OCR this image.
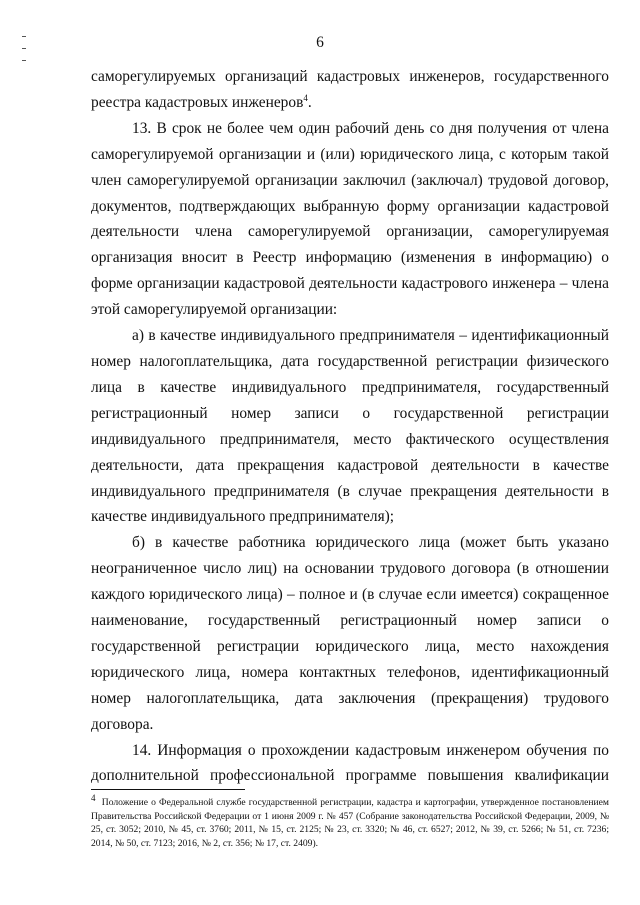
6

саморегулируемых организаций кадастровых инженеров, государственного

реестра кадастровых инженеров$^4$.

13. В срок не более чем один рабочий день со дня получения от члена саморегулируемой организации и (или) юридического лица, с которым такой член саморегулируемой организации заключил (заключал) трудовой договор, документов, подтверждающих выбранную форму организации кадастровой деятельности члена саморегулируемой организации, саморегулируемая организация вносит в Реестр информацию (изменения в информацию) о форме организации кадастровой деятельности кадастрового инженера – члена этой саморегулируемой организации:

а) в качестве индивидуального предпринимателя – идентификационный номер налогоплательщика, дата государственной регистрации физического лица в качестве индивидуального предпринимателя, государственный регистрационный номер записи о государственной регистрации индивидуального предпринимателя, место фактического осуществления деятельности, дата прекращения кадастровой деятельности в качестве индивидуального предпринимателя (в случае прекращения деятельности в качестве индивидуального предпринимателя);

б) в качестве работника юридического лица (может быть указано неограниченное число лиц) на основании трудового договора (в отношении каждого юридического лица) – полное и (в случае если имеется) сокращенное наименование, государственный регистрационный номер записи о государственной регистрации юридического лица, место нахождения юридического лица, номера контактных телефонов, идентификационный номер налогоплательщика, дата заключения (прекращения) трудового договора.

14. Информация о прохождении кадастровым инженером обучения по дополнительной профессиональной программе повышения квалификации

$^4$ Положение о Федеральной службе государственной регистрации, кадастра и картографии, утвержденное постановлением Правительства Российской Федерации от 1 июня 2009 г. № 457 (Собрание законодательства Российской Федерации, 2009, № 25, ст. 3052; 2010, № 45, ст. 3760; 2011, № 15, ст. 2125; № 23, ст. 3320; № 46, ст. 6527; 2012, № 39, ст. 5266; № 51, ст. 7236; 2014, № 50, ст. 7123; 2016, № 2, ст. 356; № 17, ст. 2409).
